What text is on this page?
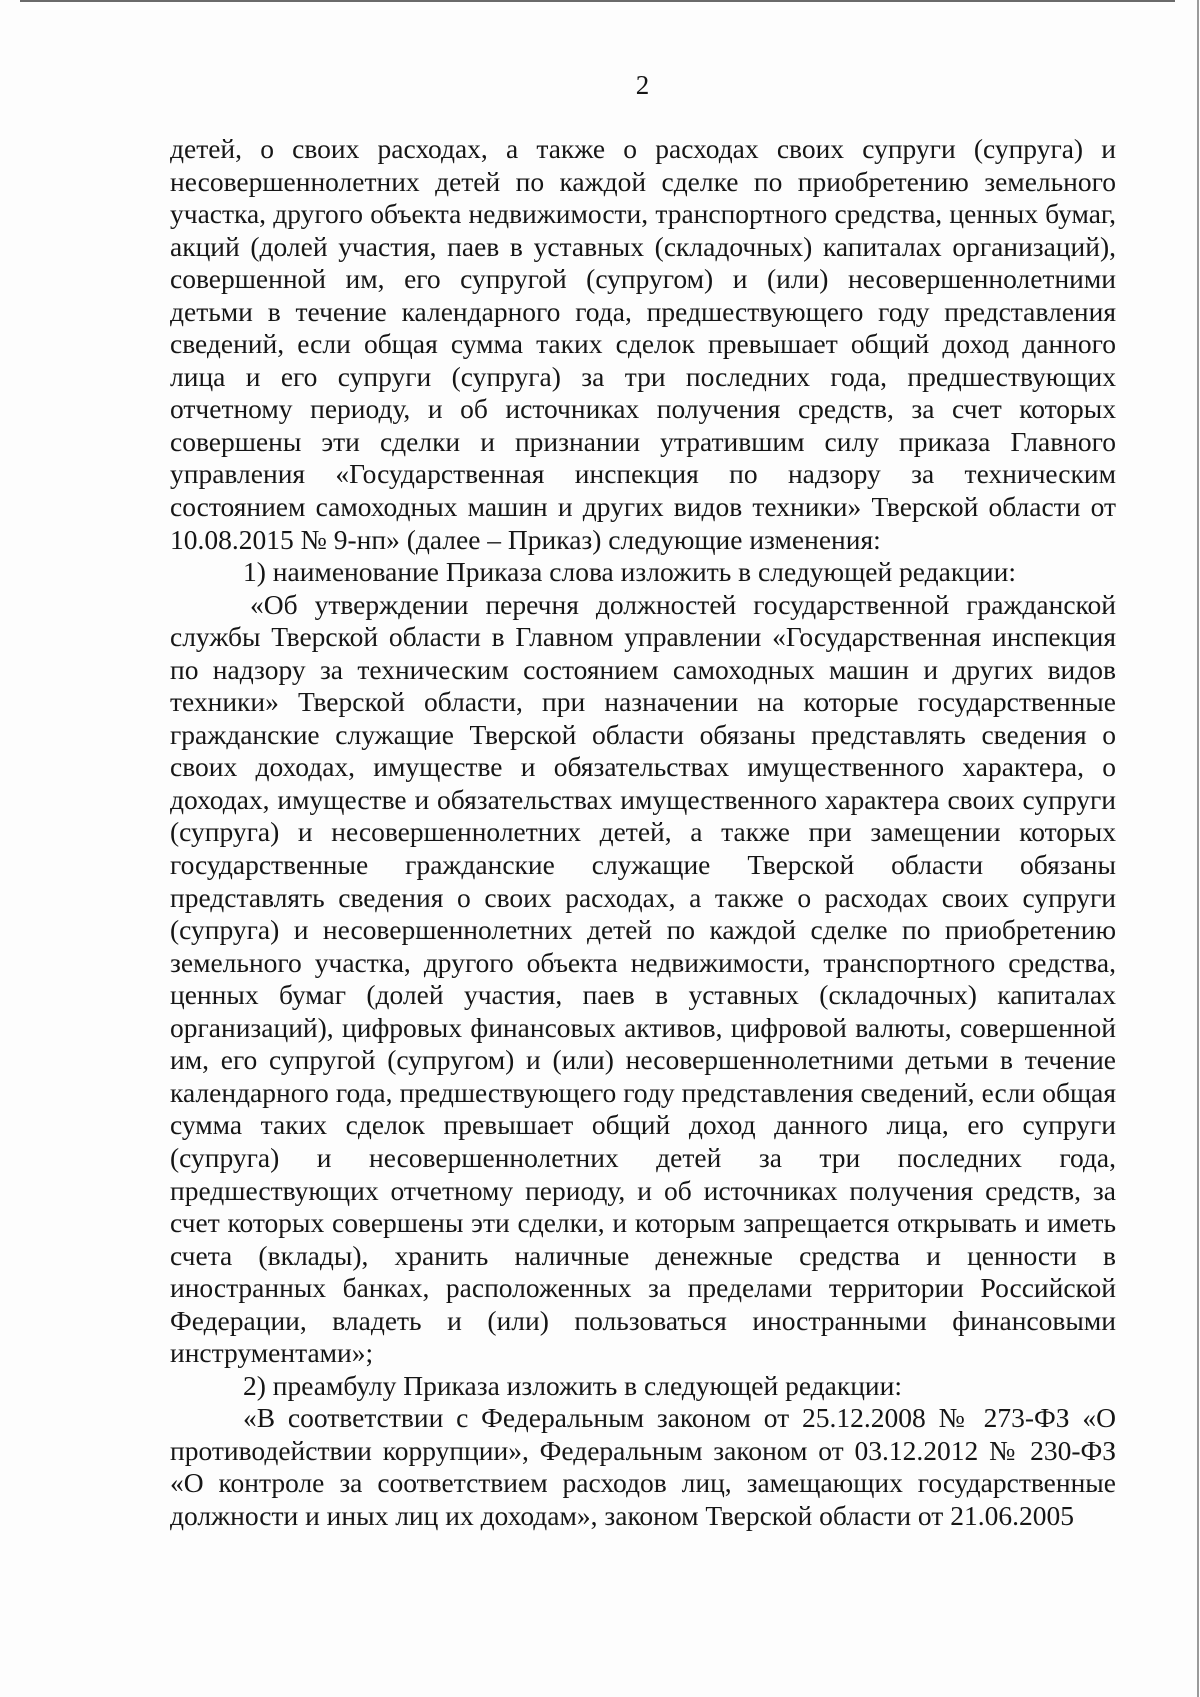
2

детей, о своих расходах, а также о расходах своих супруги (супруга) и несовершеннолетних детей по каждой сделке по приобретению земельного участка, другого объекта недвижимости, транспортного средства, ценных бумаг, акций (долей участия, паев в уставных (складочных) капиталах организаций), совершенной им, его супругой (супругом) и (или) несовершеннолетними детьми в течение календарного года, предшествующего году представления сведений, если общая сумма таких сделок превышает общий доход данного лица и его супруги (супруга) за три последних года, предшествующих отчетному периоду, и об источниках получения средств, за счет которых совершены эти сделки и признании утратившим силу приказа Главного управления «Государственная инспекция по надзору за техническим состоянием самоходных машин и других видов техники» Тверской области от 10.08.2015 № 9-нп» (далее – Приказ) следующие изменения:

1) наименование Приказа слова изложить в следующей редакции:

«Об утверждении перечня должностей государственной гражданской службы Тверской области в Главном управлении «Государственная инспекция по надзору за техническим состоянием самоходных машин и других видов техники» Тверской области, при назначении на которые государственные гражданские служащие Тверской области обязаны представлять сведения о своих доходах, имуществе и обязательствах имущественного характера, о доходах, имуществе и обязательствах имущественного характера своих супруги (супруга) и несовершеннолетних детей, а также при замещении которых государственные гражданские служащие Тверской области обязаны представлять сведения о своих расходах, а также о расходах своих супруги (супруга) и несовершеннолетних детей по каждой сделке по приобретению земельного участка, другого объекта недвижимости, транспортного средства, ценных бумаг (долей участия, паев в уставных (складочных) капиталах организаций), цифровых финансовых активов, цифровой валюты, совершенной им, его супругой (супругом) и (или) несовершеннолетними детьми в течение календарного года, предшествующего году представления сведений, если общая сумма таких сделок превышает общий доход данного лица, его супруги (супруга) и несовершеннолетних детей за три последних года, предшествующих отчетному периоду, и об источниках получения средств, за счет которых совершены эти сделки, и которым запрещается открывать и иметь счета (вклады), хранить наличные денежные средства и ценности в иностранных банках, расположенных за пределами территории Российской Федерации, владеть и (или) пользоваться иностранными финансовыми инструментами»;

2) преамбулу Приказа изложить в следующей редакции:

«В соответствии с Федеральным законом от 25.12.2008 № 273-ФЗ «О противодействии коррупции», Федеральным законом от 03.12.2012 № 230-ФЗ «О контроле за соответствием расходов лиц, замещающих государственные должности и иных лиц их доходам», законом Тверской области от 21.06.2005
